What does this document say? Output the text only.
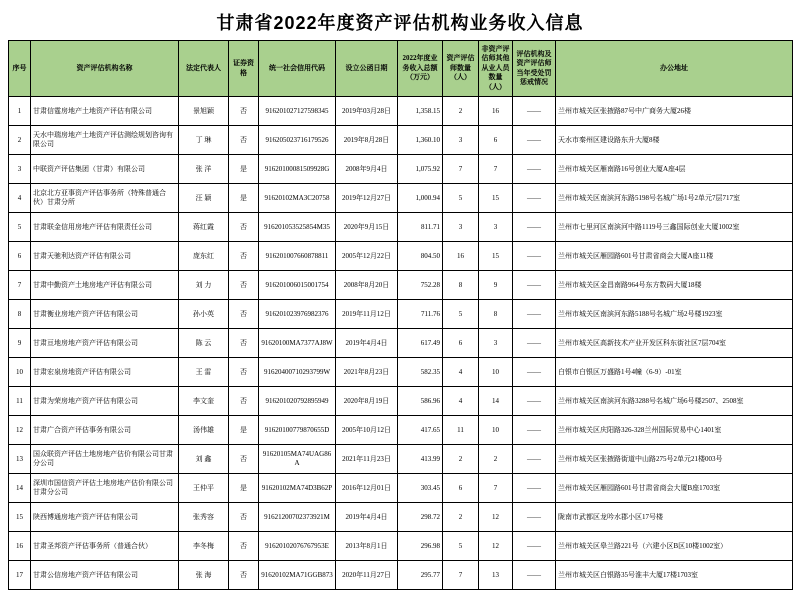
甘肃省2022年度资产评估机构业务收入信息
序号	资产评估机构名称	法定代表人	证券资格	统一社会信用代码	设立公函日期	2022年度业务收入总额（万元）	资产评估师数量（人）	非资产评估师其他从业人员数量（人）	评估机构及资产评估师当年受处罚惩戒情况	办公地址
1	甘肃信霆房地产土地资产评估有限公司	景旭颖	否	916201027127598345	2019年03月28日	1,358.15	2	16	——	兰州市城关区张掖路87号中广商务大厦26楼
2	天水中瑞房地产土地资产评估测绘规划咨询有限公司	丁 琳	否	916205023716179526	2019年8月28日	1,360.10	3	6	——	天水市秦州区建设路东升大厦8楼
3	中联资产评估集团（甘肃）有限公司	张 洋	是	91620100081509928G	2008年9月4日	1,075.92	7	7	——	兰州市城关区雁南路16号创业大厦A座4层
4	北京北方亚事资产评估事务所（特殊普通合伙）甘肃分所	汪 颖	是	91620102MA3C20758	2019年12月27日	1,000.94	5	15	——	兰州市城关区南滨河东路5198号名城广场1号2单元7层717室
5	甘肃联金信用房地产评估有限责任公司	蒋红霞	否	916201053525854M35	2020年9月15日	811.71	3	3	——	兰州市七里河区南滨河中路1119号三鑫国际创业大厦1002室
6	甘肃天驰利达资产评估有限公司	庞东红	否	916201007660878811	2005年12月22日	804.50	16	15	——	兰州市城关区雁园路601号甘肃省商会大厦A座11楼
7	甘肃中勤资产土地房地产评估有限公司	刘 力	否	916201006015001754	2008年8月20日	752.28	8	9	——	兰州市城关区金昌南路964号东方数码大厦18楼
8	甘肃衡业房地产资产评估有限公司	孙小英	否	916201023976982376	2019年11月12日	711.76	5	8	——	兰州市城关区南滨河东路5188号名城广场2号楼1923室
9	甘肃亘地房地产资产评估有限公司	陈 云	否	91620100MA7377AJ8W	2019年4月4日	617.49	6	3	——	兰州市城关区高新技术产业开发区科东街社区7层704室
10	甘肃宏泉房地资产评估有限公司	王 雷	否	91620400710293799W	2021年8月23日	582.35	4	10	——	白银市白银区万盛路1号4幢（6-9）-01室
11	甘肃为荣房地产资产评估有限公司	李文奎	否	916201020792895949	2020年8月19日	586.96	4	14	——	兰州市城关区南滨河东路3288号名城广场6号楼2507、2508室
12	甘肃广合资产评估事务有限公司	汤伟雄	是	91620100779870655D	2005年10月12日	417.65	11	10	——	兰州市城关区庆阳路326-328兰州国际贸易中心1401室
13	国众联资产评估土地房地产估价有限公司甘肃分公司	刘 鑫	否	91620105MA74UAG86A	2021年11月23日	413.99	2	2	——	兰州市城关区张掖路街道中山路275号2单元21楼003号
14	深圳市国信资产评估土地房地产估价有限公司甘肃分公司	王仲平	是	91620102MA74D3B62P	2016年12月01日	303.45	6	7	——	兰州市城关区雁园路601号甘肃省商会大厦B座1703室
15	陕西博通房地产资产评估有限公司	张秀容	否	91621200702373921M	2019年4月4日	298.72	2	12	——	陇南市武都区龙吟水郡小区17号楼
16	甘肃圣邦资产评估事务所（普通合伙）	李冬梅	否	91620102076767953E	2013年8月1日	296.98	5	12	——	兰州市城关区皋兰路221号（六建小区B区10楼1002室）
17	甘肃公信房地产资产评估有限公司	张 海	否	91620102MA71GGB873	2020年11月27日	295.77	7	13	——	兰州市城关区白银路35号淮丰大厦17楼1703室
